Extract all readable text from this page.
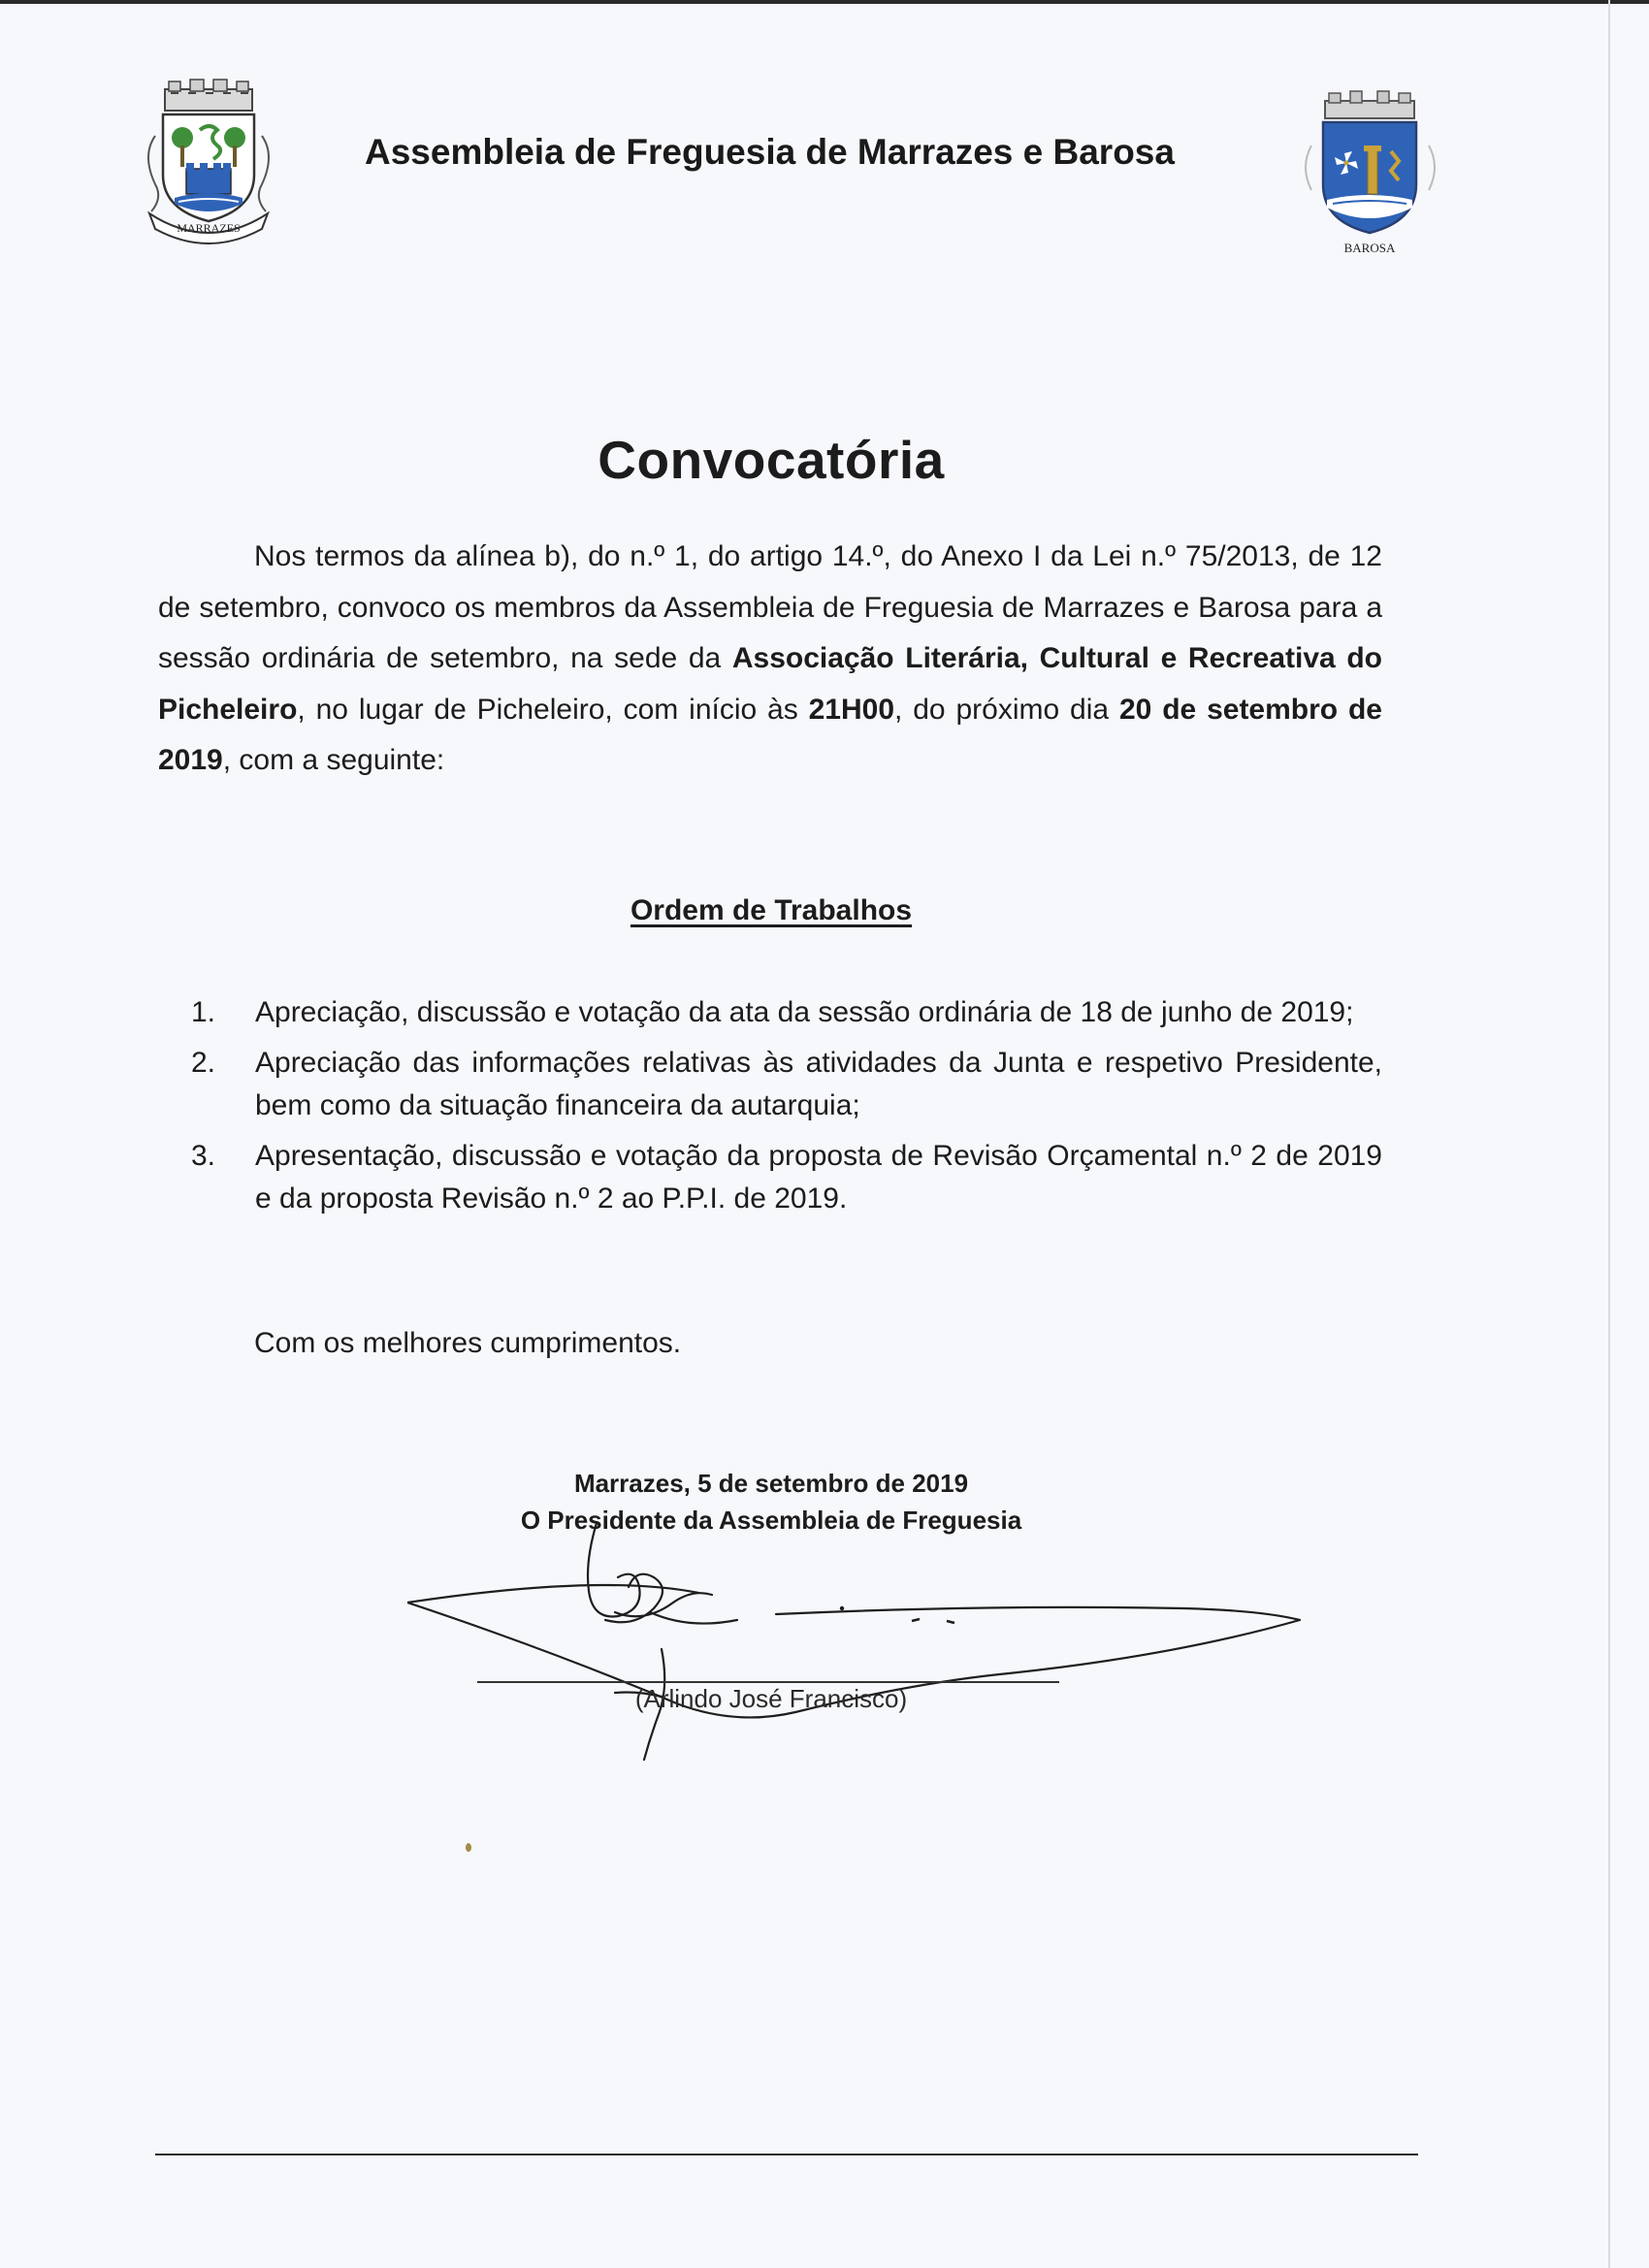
MARRAZES
Assembleia de Freguesia de Marrazes e Barosa
BAROSA
Convocatória

Nos termos da alínea b), do n.º 1, do artigo 14.º, do Anexo I da Lei n.º 75/2013, de 12 de setembro, convoco os membros da Assembleia de Freguesia de Marrazes e Barosa para a sessão ordinária de setembro, na sede da Associação Literária, Cultural e Recreativa do Picheleiro, no lugar de Picheleiro, com início às 21H00, do próximo dia 20 de setembro de 2019, com a seguinte:

Ordem de Trabalhos
1. Apreciação, discussão e votação da ata da sessão ordinária de 18 de junho de 2019;
2. Apreciação das informações relativas às atividades da Junta e respetivo Presidente, bem como da situação financeira da autarquia;
3. Apresentação, discussão e votação da proposta de Revisão Orçamental n.º 2 de 2019 e da proposta Revisão n.º 2 ao P.P.I. de 2019.
Com os melhores cumprimentos.
Marrazes, 5 de setembro de 2019
O Presidente da Assembleia de Freguesia
(Arlindo José Francisco)
